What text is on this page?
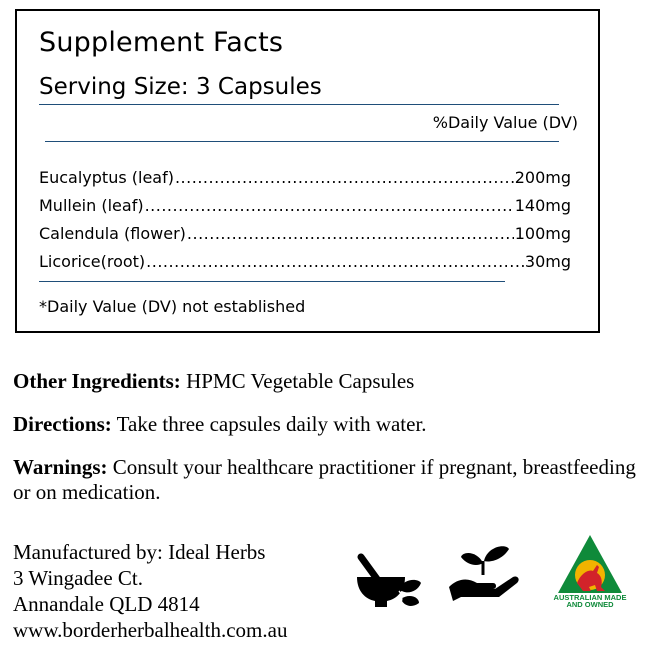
Supplement Facts
Serving Size: 3 Capsules
%Daily Value (DV)
Eucalyptus (leaf) .....	200mg
Mullein (leaf) .....	140mg
Calendula (flower) .....	100mg
Licorice(root) .....	30mg
*Daily Value (DV) not established
Other Ingredients: HPMC Vegetable Capsules
Directions: Take three capsules daily with water.
Warnings: Consult your healthcare practitioner if pregnant, breastfeeding or on medication.
Manufactured by: Ideal Herbs
3 Wingadee Ct.
Annandale QLD 4814
www.borderherbalhealth.com.au
AUSTRALIAN MADE
AND OWNED
